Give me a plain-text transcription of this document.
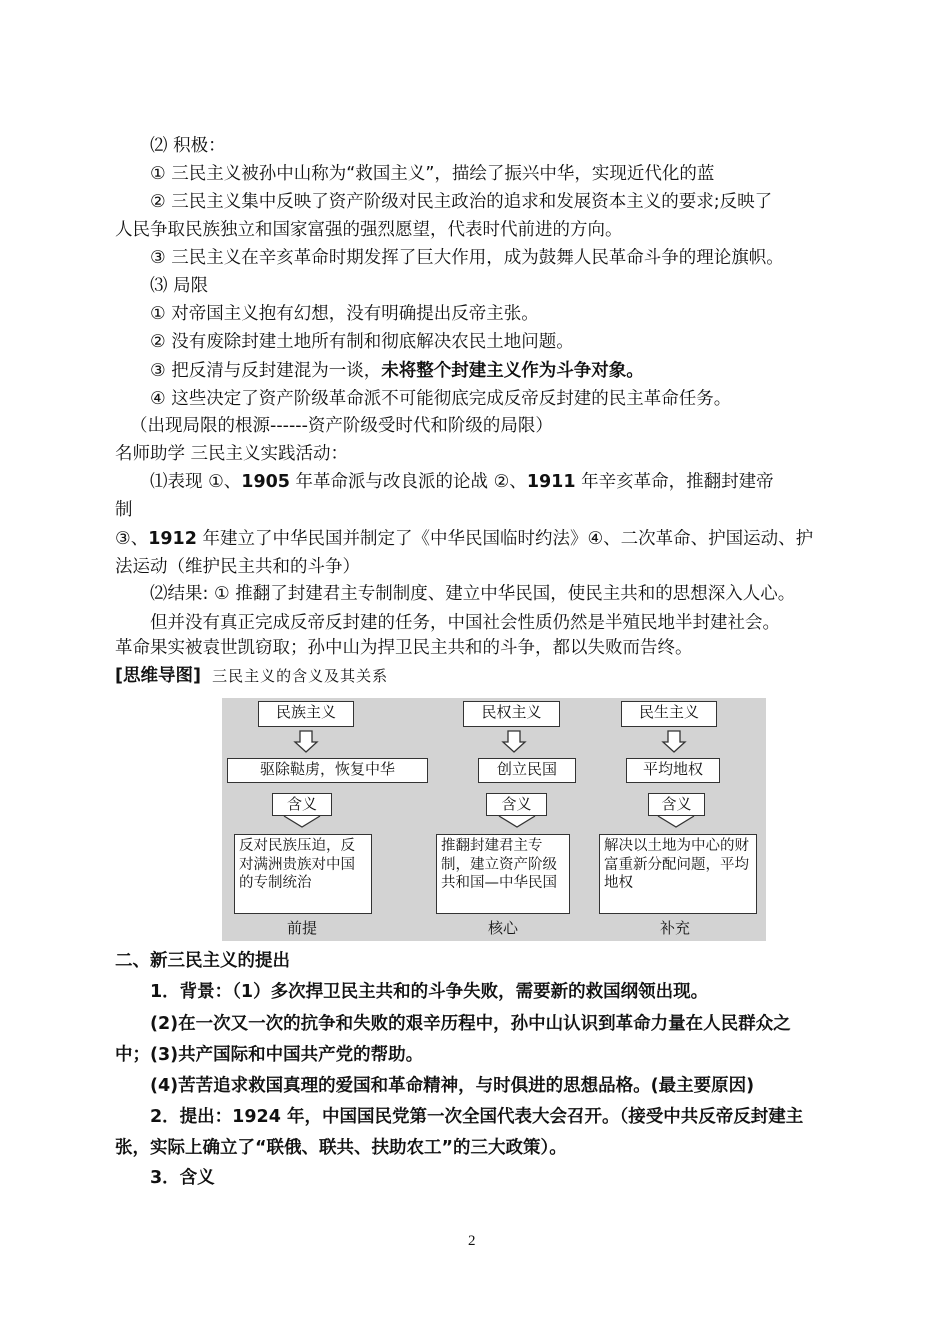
⑵ 积极：
① 三民主义被孙中山称为“救国主义”，描绘了振兴中华，实现近代化的蓝
② 三民主义集中反映了资产阶级对民主政治的追求和发展资本主义的要求;反映了
人民争取民族独立和国家富强的强烈愿望，代表时代前进的方向。
③ 三民主义在辛亥革命时期发挥了巨大作用，成为鼓舞人民革命斗争的理论旗帜。
⑶ 局限
① 对帝国主义抱有幻想，没有明确提出反帝主张。
② 没有废除封建土地所有制和彻底解决农民土地问题。
③ 把反清与反封建混为一谈，未将整个封建主义作为斗争对象。
④ 这些决定了资产阶级革命派不可能彻底完成反帝反封建的民主革命任务。
（出现局限的根源------资产阶级受时代和阶级的局限）
名师助学 三民主义实践活动：
⑴表现 ①、1905 年革命派与改良派的论战 ②、1911 年辛亥革命，推翻封建帝
制
③、1912 年建立了中华民国并制定了《中华民国临时约法》④、二次革命、护国运动、护
法运动（维护民主共和的斗争）
⑵结果: ① 推翻了封建君主专制制度、建立中华民国，使民主共和的思想深入人心。
但并没有真正完成反帝反封建的任务，中国社会性质仍然是半殖民地半封建社会。
革命果实被袁世凯窃取；孙中山为捍卫民主共和的斗争，都以失败而告终。
[思维导图] 三民主义的含义及其关系
民族主义
驱除鞑虏，恢复中华
含义
反对民族压迫，反对满洲贵族对中国的专制统治
前提
民权主义
创立民国
含义
推翻封建君主专制，建立资产阶级共和国—中华民国
核心
民生主义
平均地权
含义
解决以土地为中心的财富重新分配问题，平均地权
补充
二、新三民主义的提出
1．背景：（1）多次捍卫民主共和的斗争失败，需要新的救国纲领出现。
(2)在一次又一次的抗争和失败的艰辛历程中，孙中山认识到革命力量在人民群众之
中；(3)共产国际和中国共产党的帮助。
(4)苦苦追求救国真理的爱国和革命精神，与时俱进的思想品格。(最主要原因)
2．提出：1924 年，中国国民党第一次全国代表大会召开。（接受中共反帝反封建主
张，实际上确立了“联俄、联共、扶助农工”的三大政策）。
3．含义
2
